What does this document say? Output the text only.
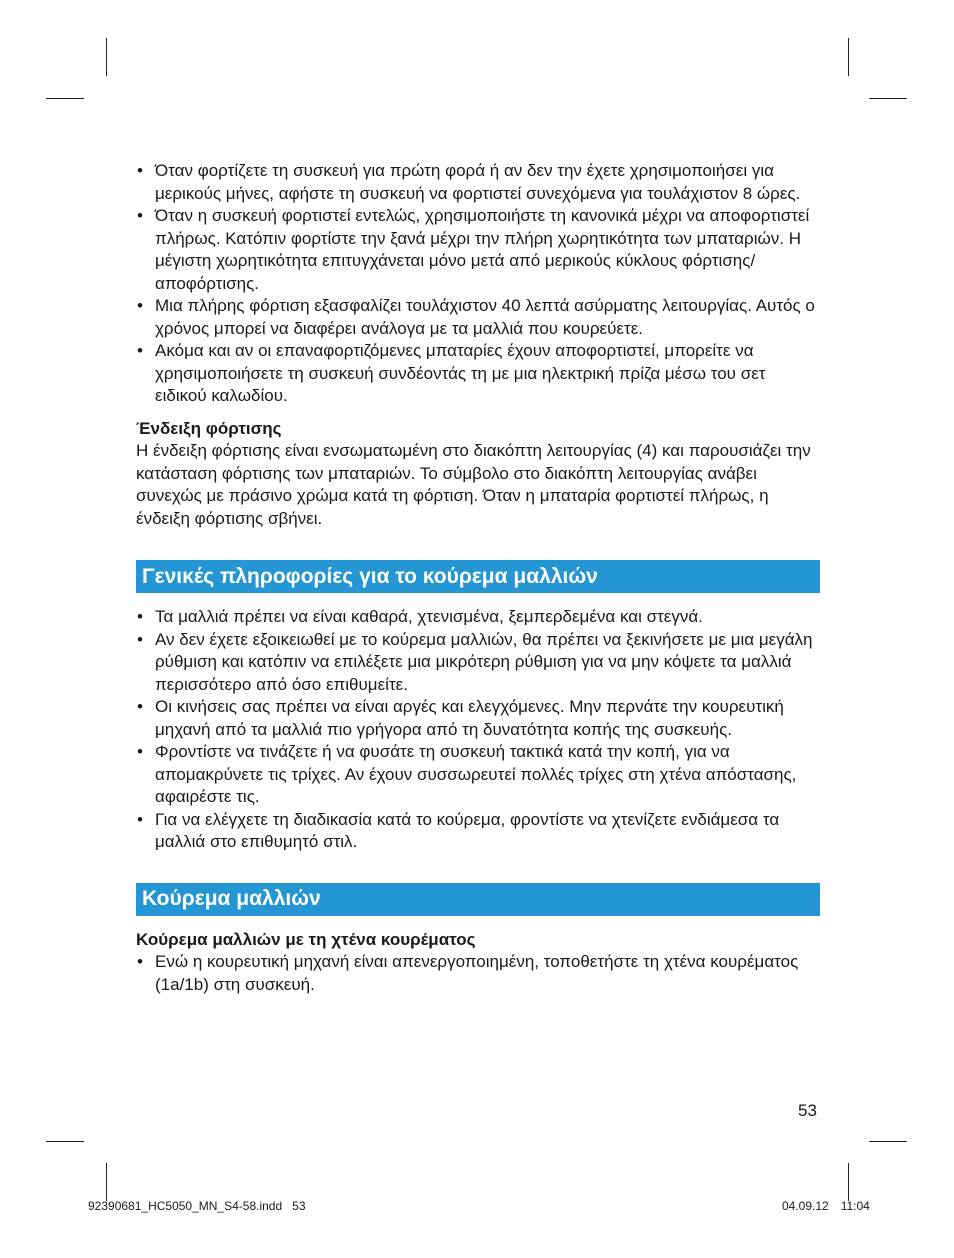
• Όταν φορτίζετε τη συσκευή για πρώτη φορά ή αν δεν την έχετε χρησιμοποιήσει για μερικούς μήνες, αφήστε τη συσκευή να φορτιστεί συνεχόμενα για τουλάχιστον 8 ώρες.
• Όταν η συσκευή φορτιστεί εντελώς, χρησιμοποιήστε τη κανονικά μέχρι να αποφορτιστεί πλήρως. Κατόπιν φορτίστε την ξανά μέχρι την πλήρη χωρητικότητα των μπαταριών. Η μέγιστη χωρητικότητα επιτυγχάνεται μόνο μετά από μερικούς κύκλους φόρτισης/αποφόρτισης.
• Μια πλήρης φόρτιση εξασφαλίζει τουλάχιστον 40 λεπτά ασύρματης λειτουργίας. Αυτός ο χρόνος μπορεί να διαφέρει ανάλογα με τα μαλλιά που κουρεύετε.
• Ακόμα και αν οι επαναφορτιζόμενες μπαταρίες έχουν αποφορτιστεί, μπορείτε να χρησιμοποιήσετε τη συσκευή συνδέοντάς τη με μια ηλεκτρική πρίζα μέσω του σετ ειδικού καλωδίου.
Ένδειξη φόρτισης

Η ένδειξη φόρτισης είναι ενσωματωμένη στο διακόπτη λειτουργίας (4) και παρουσιάζει την κατάσταση φόρτισης των μπαταριών. Το σύμβολο στο διακόπτη λειτουργίας ανάβει συνεχώς με πράσινο χρώμα κατά τη φόρτιση. Όταν η μπαταρία φορτιστεί πλήρως, η ένδειξη φόρτισης σβήνει.

Γενικές πληροφορίες για το κούρεμα μαλλιών
• Τα μαλλιά πρέπει να είναι καθαρά, χτενισμένα, ξεμπερδεμένα και στεγνά.
• Αν δεν έχετε εξοικειωθεί με το κούρεμα μαλλιών, θα πρέπει να ξεκινήσετε με μια μεγάλη ρύθμιση και κατόπιν να επιλέξετε μια μικρότερη ρύθμιση για να μην κόψετε τα μαλλιά περισσότερο από όσο επιθυμείτε.
• Οι κινήσεις σας πρέπει να είναι αργές και ελεγχόμενες. Μην περνάτε την κουρευτική μηχανή από τα μαλλιά πιο γρήγορα από τη δυνατότητα κοπής της συσκευής.
• Φροντίστε να τινάζετε ή να φυσάτε τη συσκευή τακτικά κατά την κοπή, για να απομακρύνετε τις τρίχες. Αν έχουν συσσωρευτεί πολλές τρίχες στη χτένα απόστασης, αφαιρέστε τις.
• Για να ελέγχετε τη διαδικασία κατά το κούρεμα, φροντίστε να χτενίζετε ενδιάμεσα τα μαλλιά στο επιθυμητό στιλ.
Κούρεμα μαλλιών
Κούρεμα μαλλιών με τη χτένα κουρέματος
• Ενώ η κουρευτική μηχανή είναι απενεργοποιημένη, τοποθετήστε τη χτένα κουρέματος (1a/1b) στη συσκευή.
53
92390681_HC5050_MN_S4-58.indd   53	04.09.12 11:04
